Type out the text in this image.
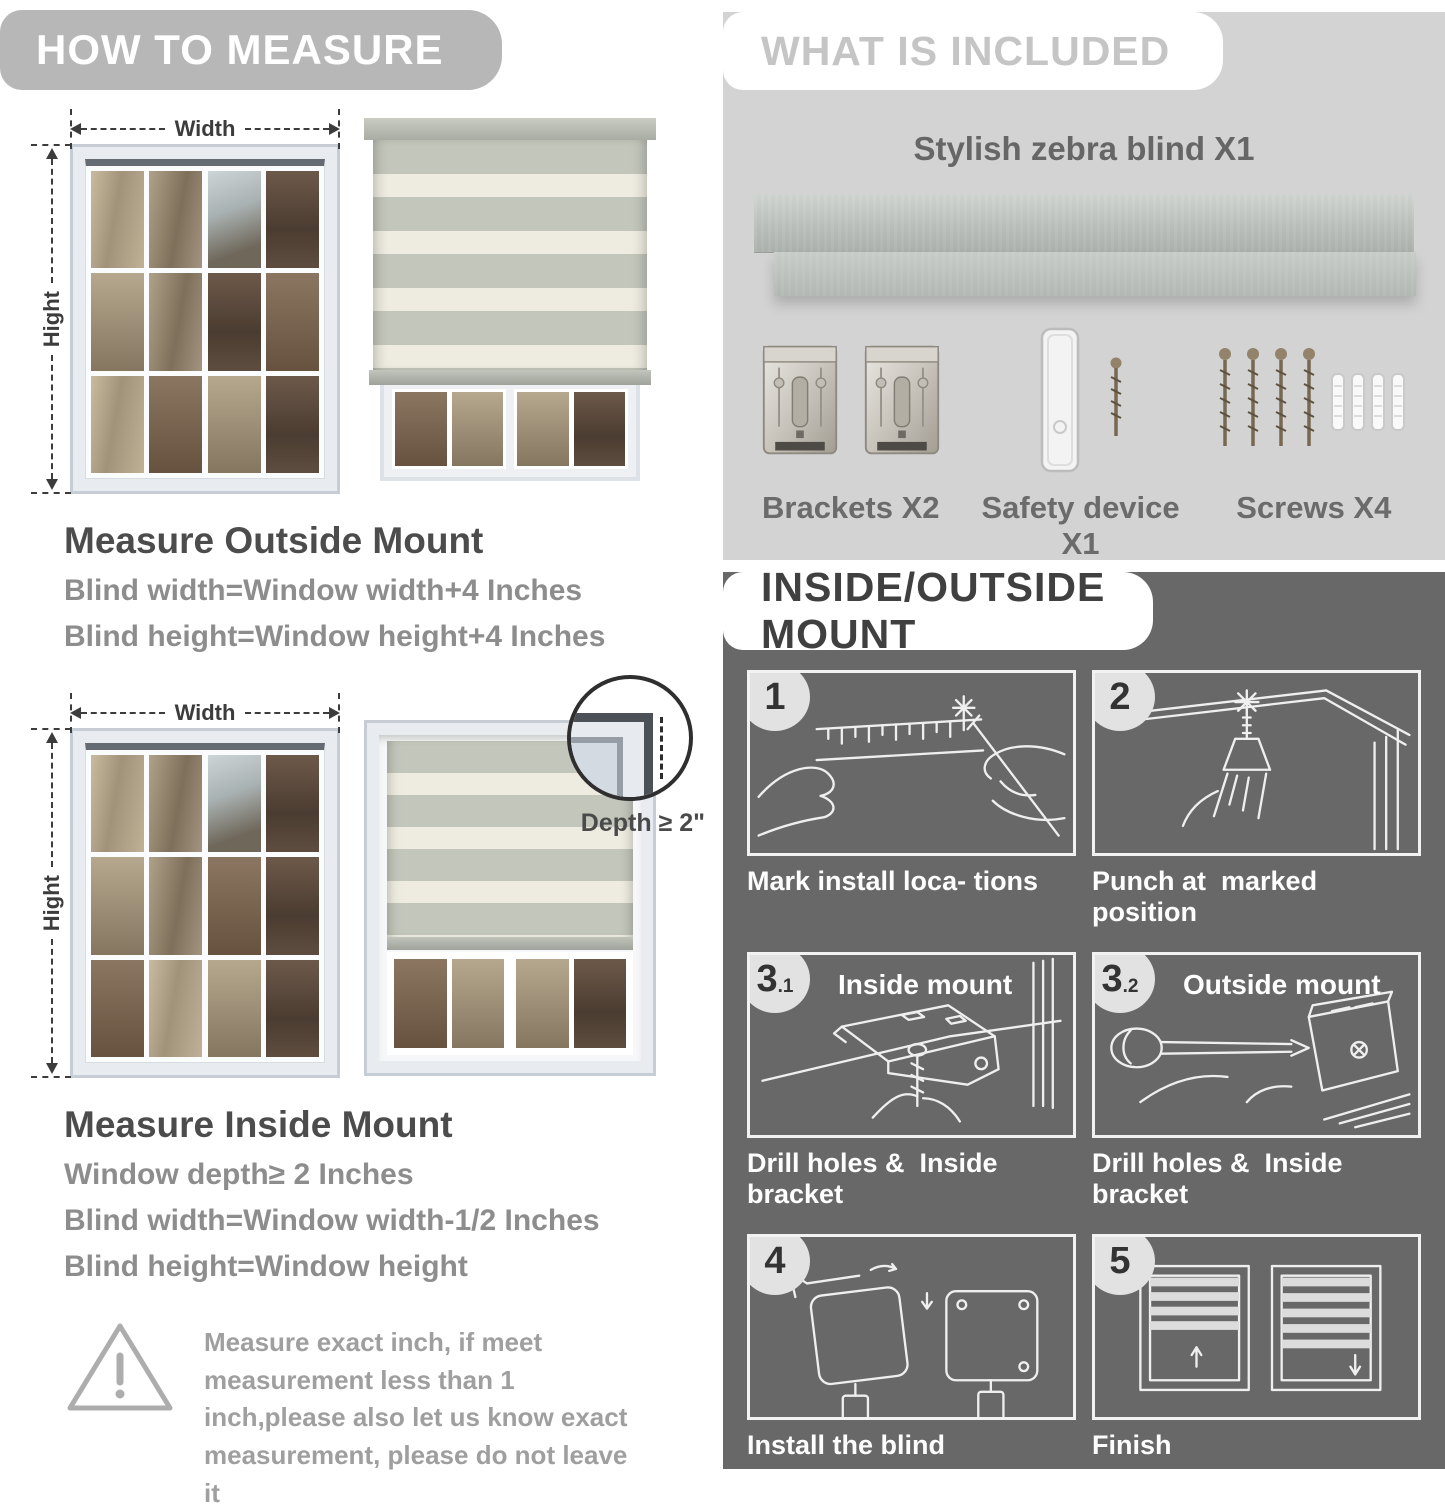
HOW TO MEASURE
Width
Hight
Measure Outside Mount

Blind width=Window width+4 Inches

Blind height=Window height+4 Inches

Width
Hight
Depth ≥ 2"
Measure Inside Mount

Window depth≥ 2 Inches

Blind width=Window width-1/2 Inches

Blind height=Window height

Measure exact inch, if meet measurement less than 1 inch,please also let us know exact measurement, please do not leave it

WHAT IS INCLUDED
Stylish zebra blind X1
Brackets X2	Safety device X1
Screws X4
INSIDE/OUTSIDE MOUNT
1
Mark install loca- tions
2
Punch at  marked position
3 .1 Inside mount
Drill holes &  Inside bracket
3 .2 Outside mount
Drill holes &  Inside bracket
4
Install the blind
5
Finish
